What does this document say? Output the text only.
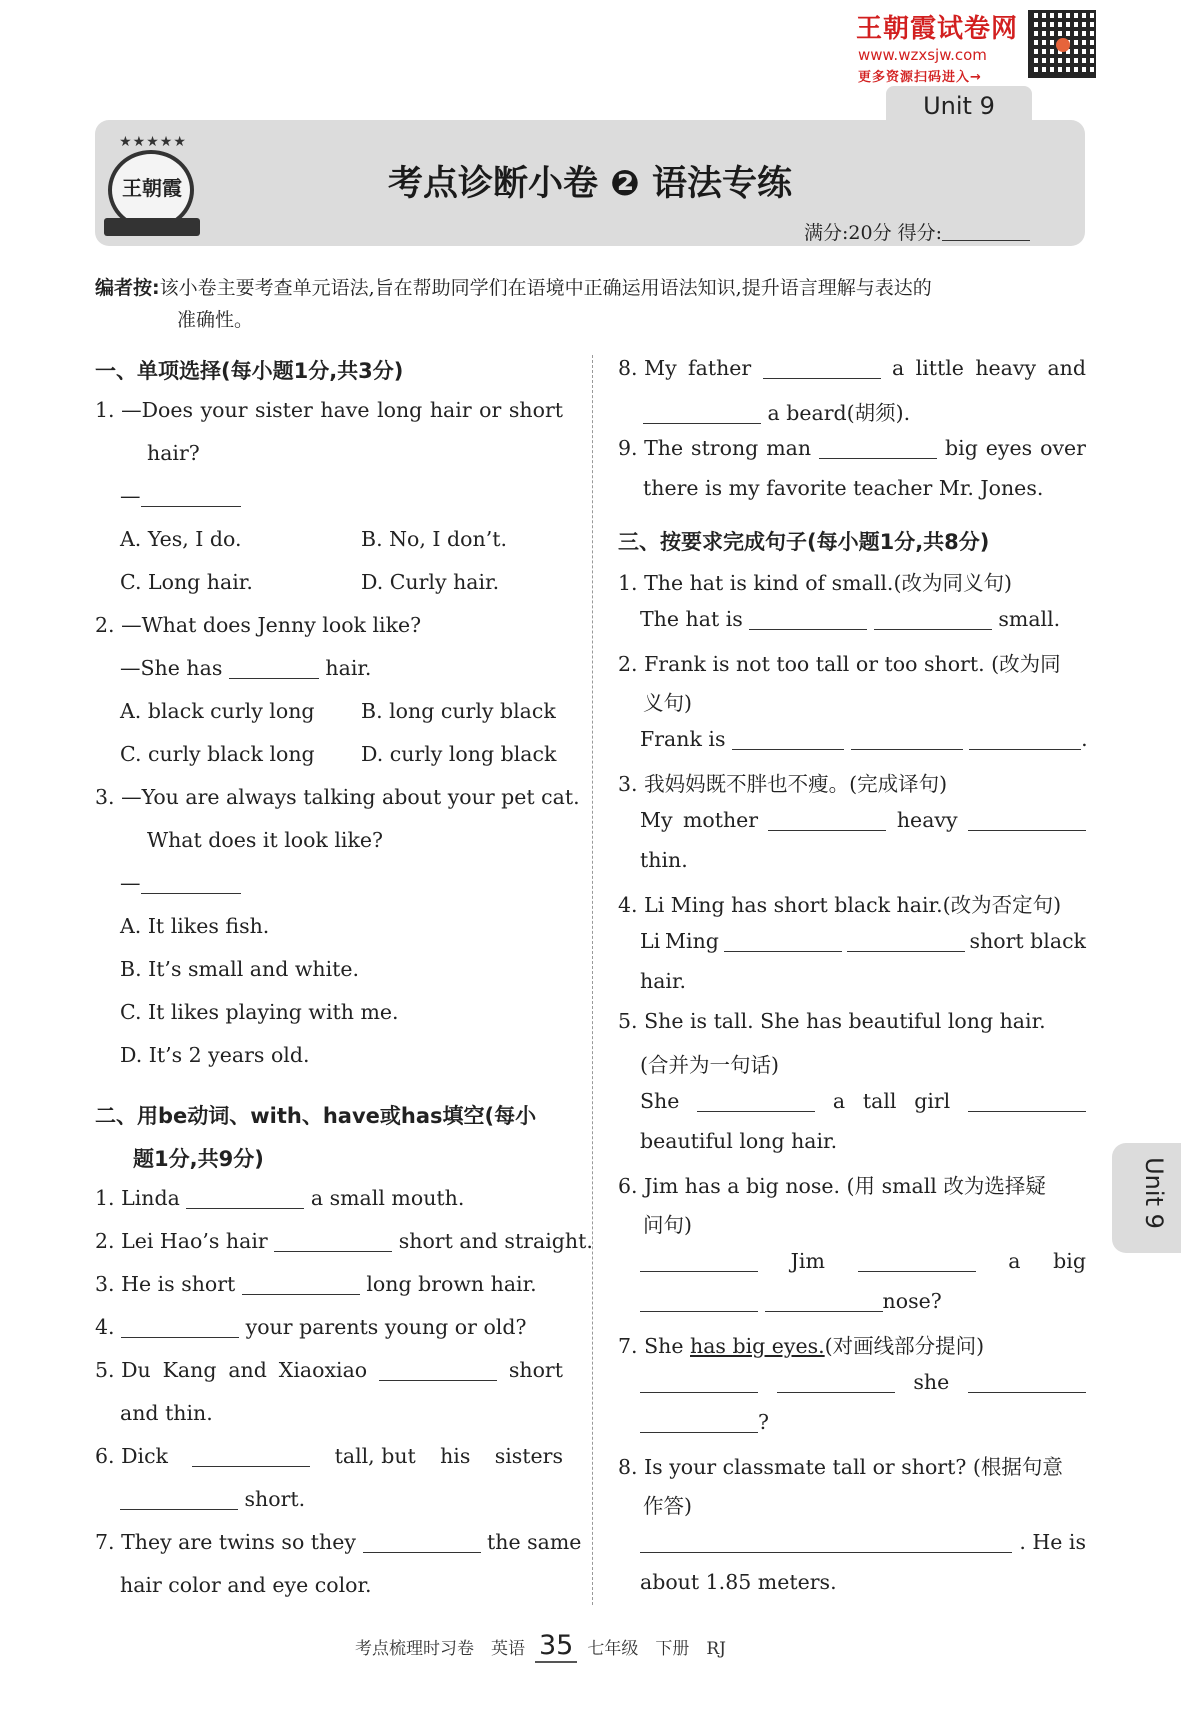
王朝霞试卷网
www.wzxsjw.com
更多资源扫码进入→
Unit 9
★★★★★
王朝霞	考点诊断小卷 ❷ 语法专练
满分:20分 得分:
编者按:该小卷主要考查单元语法,旨在帮助同学们在语境中正确运用语法知识,提升语言理解与表达的
准确性。
一、单项选择(每小题1分,共3分)
1. —Does your sister have long hair or short
hair?
—
A. Yes, I do.	B. No, I don’t.
C. Long hair.	D. Curly hair.
2. —What does Jenny look like?
—She has	hair.
A. black curly long B. long curly black
C. curly black long D. curly long black
3. —You are always talking about your pet cat.
What does it look like?
—
A. It likes fish.
B. It’s small and white.
C. It likes playing with me.
D. It’s 2 years old.
二、用be动词、with、have或has填空(每小
题1分,共9分)
1. Linda	a small mouth.
2. Lei Hao’s hair	short and straight.
3. He is short	long brown hair.
4.	your parents young or old?
5. Du Kang and Xiaoxiao	short
and thin.
6. Dick	tall, but his sisters
short.
7. They are twins so they	the same
hair color and eye color.
8. My father	a little heavy and
a beard(胡须).
9. The strong man	big eyes over
there is my favorite teacher Mr. Jones.
三、按要求完成句子(每小题1分,共8分)
1. The hat is kind of small.(改为同义句)
The hat is	small.
2. Frank is not too tall or too short. (改为同
义句)
Frank is	.
3. 我妈妈既不胖也不瘦。(完成译句)
My mother	heavy
thin.
4. Li Ming has short black hair.(改为否定句)
Li Ming	short black
hair.
5. She is tall. She has beautiful long hair.
(合并为一句话)
She	a tall girl
beautiful long hair.
6. Jim has a big nose. (用 small 改为选择疑
问句)
Jim	a big
nose?
7. She has big eyes.(对画线部分提问)
she
?
8. Is your classmate tall or short? (根据句意
作答)
. He is
about 1.85 meters.
Unit 9
考点梳理时习卷　英语 35 七年级　下册　RJ
